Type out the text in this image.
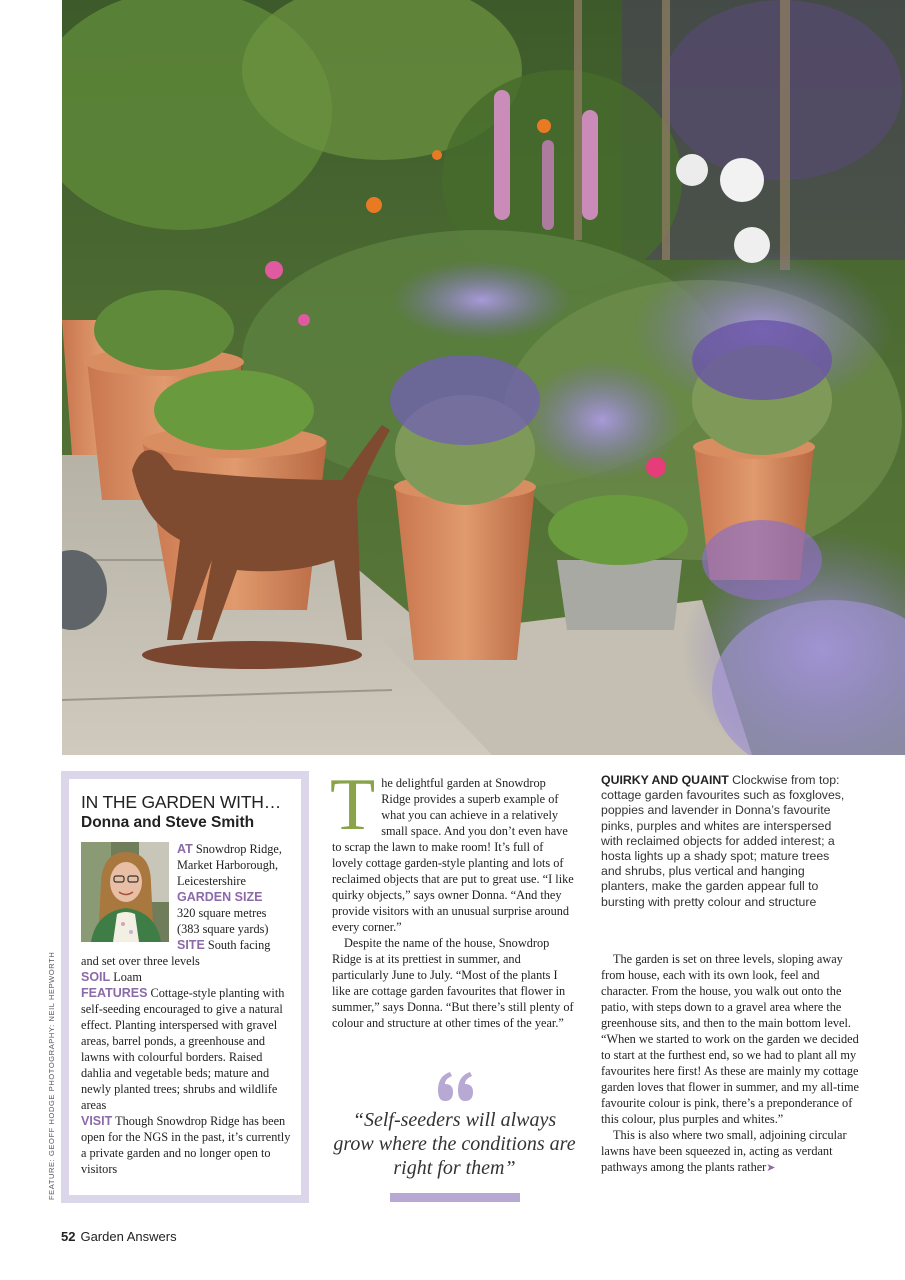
FEATURE: GEOFF HODGE PHOTOGRAPHY: NEIL HEPWORTH
IN THE GARDEN WITH…
Donna and Steve Smith
AT Snowdrop Ridge, Market Harborough, Leicestershire
GARDEN SIZE
320 square metres (383 square yards)
SITE South facing and set over three levels
SOIL Loam
FEATURES Cottage-style planting with self-seeding encouraged to give a natural effect. Planting interspersed with gravel areas, barrel ponds, a greenhouse and lawns with colourful borders. Raised dahlia and vegetable beds; mature and newly planted trees; shrubs and wildlife areas
VISIT Though Snowdrop Ridge has been open for the NGS in the past, it’s currently a private garden and no longer open to visitors

The delightful garden at Snowdrop Ridge provides a superb example of what you can achieve in a relatively small space. And you don’t even have to scrap the lawn to make room! It’s full of lovely cottage garden-style planting and lots of reclaimed objects that are put to great use. “I like quirky objects,” says owner Donna. “And they provide visitors with an unusual surprise around every corner.”

Despite the name of the house, Snowdrop Ridge is at its prettiest in summer, and particularly June to July. “Most of the plants I like are cottage garden favourites that flower in summer,” says Donna. “But there’s still plenty of colour and structure at other times of the year.”

“Self-seeders will always grow where the conditions are right for them”

QUIRKY AND QUAINT Clockwise from top: cottage garden favourites such as foxgloves, poppies and lavender in Donna’s favourite pinks, purples and whites are interspersed with reclaimed objects for added interest; a hosta lights up a shady spot; mature trees and shrubs, plus vertical and hanging planters, make the garden appear full to bursting with pretty colour and structure

The garden is set on three levels, sloping away from house, each with its own look, feel and character. From the house, you walk out onto the patio, with steps down to a gravel area where the greenhouse sits, and then to the main bottom level. “When we started to work on the garden we decided to start at the furthest end, so we had to plant all my favourites here first! As these are mainly my cottage garden loves that flower in summer, and my all-time favourite colour is pink, there’s a preponderance of this colour, plus purples and whites.”

This is also where two small, adjoining circular lawns have been squeezed in, acting as verdant pathways among the plants rather➤

52 Garden Answers
